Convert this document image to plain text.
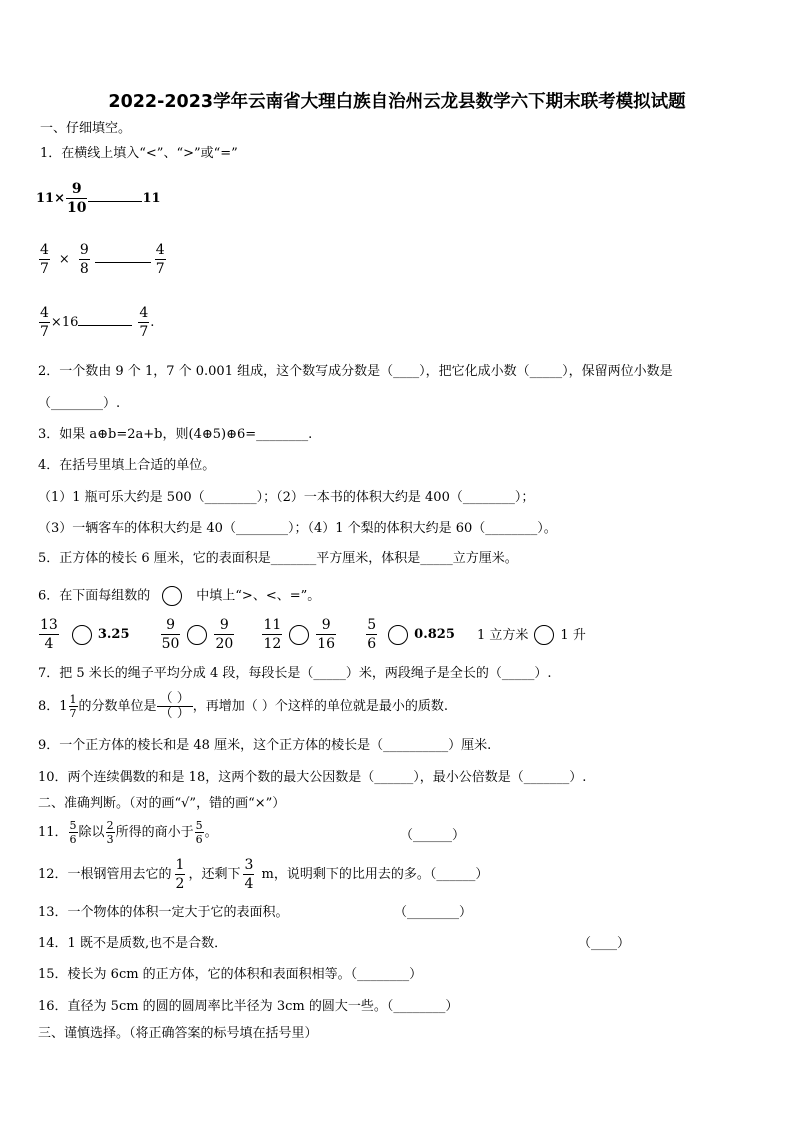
2022-2023学年云南省大理白族自治州云龙县数学六下期末联考模拟试题
一、仔细填空。
1．在横线上填入“<”、“>”或“=”
$11\times \frac{9}{10}$	11
$\frac{4}{7} \times \frac{9}{8}$	$\frac{4}{7}$
$\frac{4}{7} \times 16$	$\frac{4}{7}$ .
2．一个数由 9 个 1，7 个 0.001 组成，这个数写成分数是（____），把它化成小数（_____），保留两位小数是
（________）.
3．如果 a⊕b=2a+b，则(4⊕5)⊕6=________.
4．在括号里填上合适的单位。
（1）1 瓶可乐大约是 500（________）；（2）一本书的体积大约是 400（________）；
（3）一辆客车的体积大约是 40（________）；（4）1 个梨的体积大约是 60（________）。
5．正方体的棱长 6 厘米，它的表面积是_______平方厘米，体积是_____立方厘米。
6．在下面每组数的	中填上“>、<、=”。
$\frac{13}{4}$	$3.25 \frac{9}{50} \frac{9}{20}$
$\frac{11}{12} \frac{9}{16}$
$\frac{5}{6}$	0.825 1 立方米 1 升
7．把 5 米长的绳子平均分成 4 段，每段长是（_____）米，两段绳子是全长的（_____）.
8．$1 \frac{1}{7}$ 的分数单位是
（ ）
（ ） ，再增加（ ）个这样的单位就是最小的质数.
9．一个正方体的棱长和是 48 厘米，这个正方体的棱长是（__________）厘米.
10．两个连续偶数的和是 18，这两个数的最大公因数是（______），最小公倍数是（_______）.
二、准确判断。（对的画“√”，错的画“×”）
11． $\frac{5}{6}$ 除以 $\frac{2}{3}$ 所得的商小于 $\frac{5}{6}$ 。	（______）
12．一根钢管用去它的 $\frac{1}{2}$ ，还剩下 $\frac{3}{4}$ m，说明剩下的比用去的多。（______）
13．一个物体的体积一定大于它的表面积。	（________）
14．1 既不是质数,也不是合数．	（____）
15．棱长为 6cm 的正方体，它的体积和表面积相等。（________）
16．直径为 5cm 的圆的圆周率比半径为 3cm 的圆大一些。（________）
三、谨慎选择。（将正确答案的标号填在括号里）
